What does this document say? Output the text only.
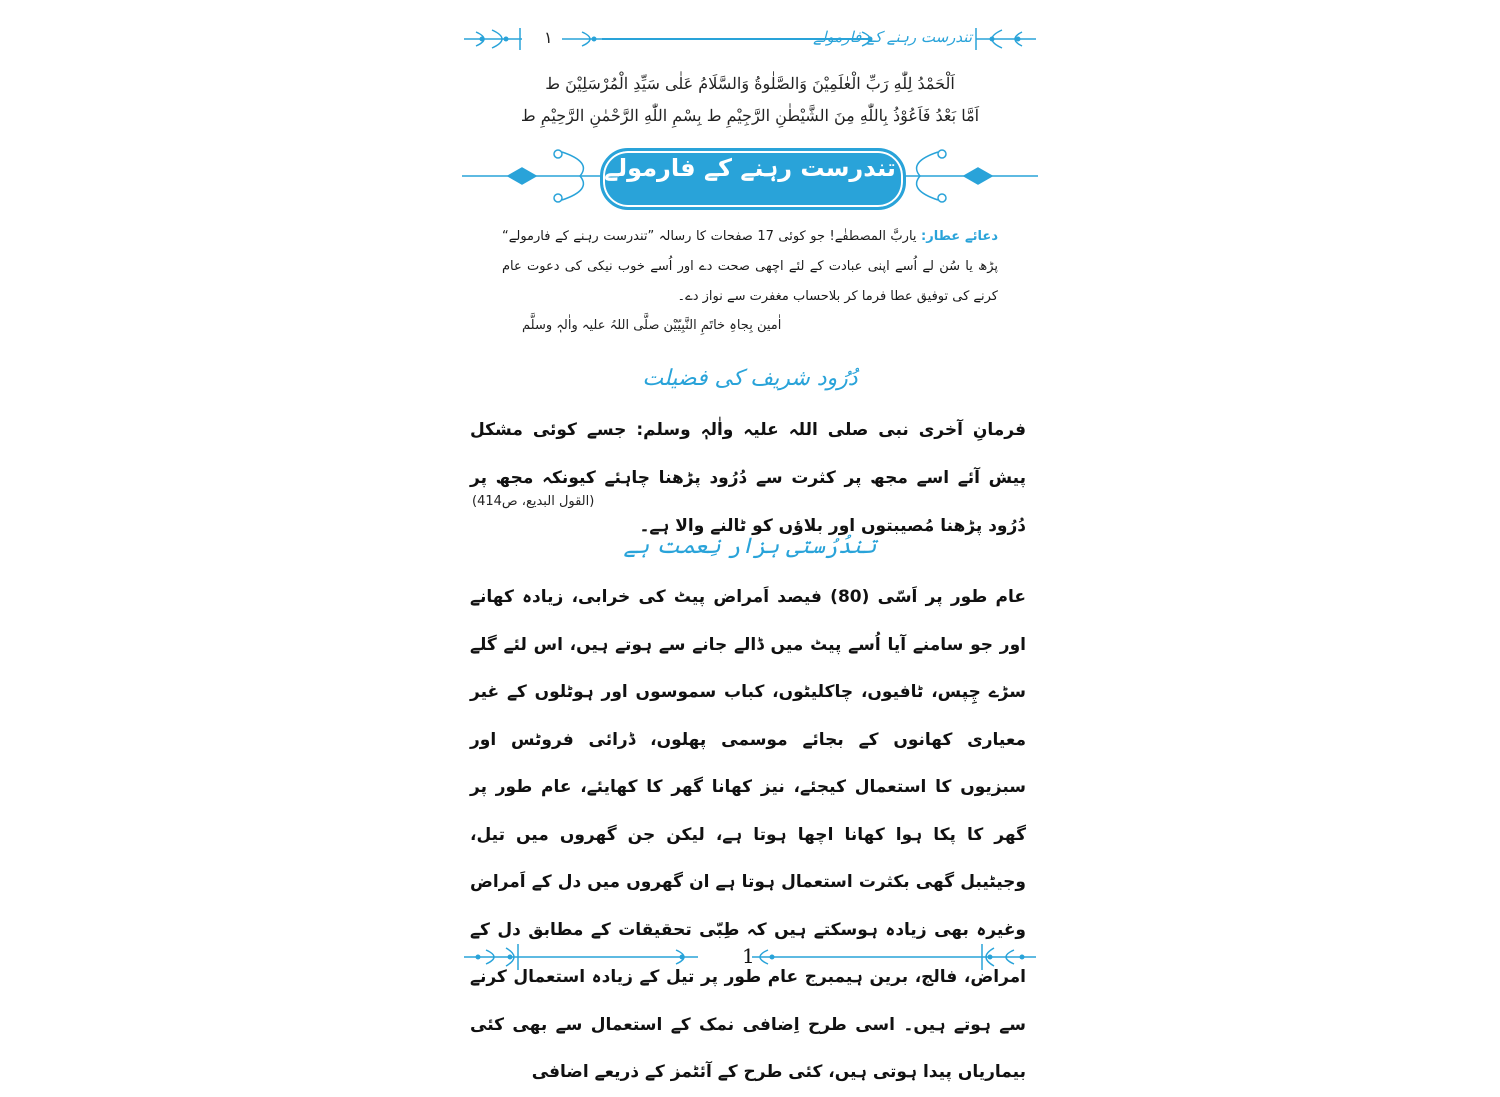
۱	تندرست رہنے کے فارمولے
اَلْحَمْدُ لِلّٰهِ رَبِّ الْعٰلَمِیْنَ وَالصَّلٰوةُ وَالسَّلَامُ عَلٰی سَیِّدِ الْمُرْسَلِیْنَ ط
اَمَّا بَعْدُ فَاَعُوْذُ بِاللّٰهِ مِنَ الشَّیْطٰنِ الرَّجِیْمِ ط بِسْمِ اللّٰهِ الرَّحْمٰنِ الرَّحِیْمِ ط
تندرست رہنے کے فارمولے
دعائے عطار: یاربَّ المصطفٰے! جو کوئی 17 صفحات کا رسالہ ”تندرست رہنے کے فارمولے“ پڑھ یا سُن لے اُسے اپنی عبادت کے لئے اچھی صحت دے اور اُسے خوب نیکی کی دعوت عام کرنے کی توفیق عطا فرما کر بلاحساب مغفرت سے نواز دے۔
اٰمین بِجاہِ خاتَمِ النَّبِیّیْن صلَّی اللہُ علیہ واٰلہٖ وسلَّم
دُرُود شریف کی فضیلت
فرمانِ آخری نبی صلی اللہ علیہ واٰلہٖ وسلم: جسے کوئی مشکل پیش آئے اسے مجھ پر کثرت سے دُرُود پڑھنا چاہئے کیونکہ مجھ پر دُرُود پڑھنا مُصیبتوں اور بلاؤں کو ٹالنے والا ہے۔
(القول البدیع، ص414)
تندُرُستی ہزار نِعمت ہے
عام طور پر اَسّی (80) فیصد اَمراض پیٹ کی خرابی، زیادہ کھانے اور جو سامنے آیا اُسے پیٹ میں ڈالے جانے سے ہوتے ہیں، اس لئے گلے سڑے چِپس، ٹافیوں، چاکلیٹوں، کباب سموسوں اور ہوٹلوں کے غیر معیاری کھانوں کے بجائے موسمی پھلوں، ڈرائی فروٹس اور سبزیوں کا استعمال کیجئے، نیز کھانا گھر کا کھایئے، عام طور پر گھر کا پکا ہوا کھانا اچھا ہوتا ہے، لیکن جن گھروں میں تیل، وجیٹیبل گھی بکثرت استعمال ہوتا ہے ان گھروں میں دل کے اَمراض وغیرہ بھی زیادہ ہوسکتے ہیں کہ طِبّی تحقیقات کے مطابق دل کے امراض، فالج، برین ہیمبرج عام طور پر تیل کے زیادہ استعمال کرنے سے ہوتے ہیں۔ اسی طرح اِضافی نمک کے استعمال سے بھی کئی بیماریاں پیدا ہوتی ہیں، کئی طرح کے آئٹمز کے ذریعے اضافی
1
